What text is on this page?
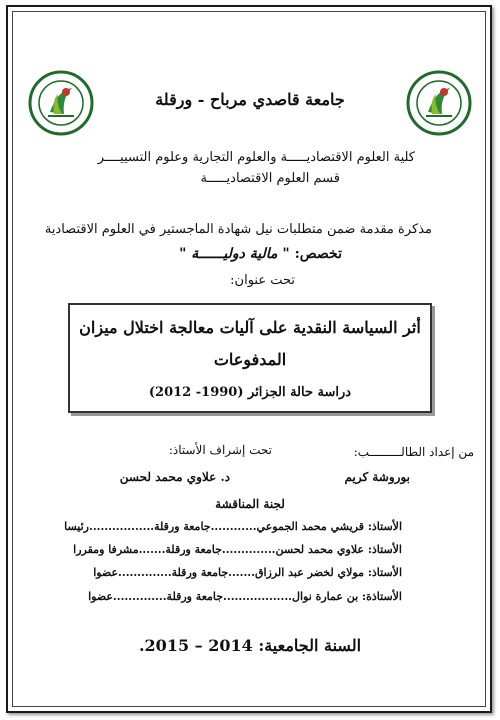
جامعة قاصدي مرباح - ورقلة
كلية العلوم الاقتصاديـــــة والعلوم التجارية وعلوم التسييــــر
قسم العلوم الاقتصاديـــــة
مذكرة مقدمة ضمن متطلبات نيل شهادة الماجستير في العلوم الاقتصادية
تخصص: " مالية دوليــــــة "
تحت عنوان:
أثر السياسة النقدية على آليات معالجة اختلال ميزان
المدفوعات
دراسة حالة الجزائر (1990- 2012)
من إعداد الطالـــــــــب:
تحت إشراف الأستاذ:
بوروشة كريم
د. علاوي محمد لحسن
لجنة المناقشة
الأستاذ: قريشي محمد الجموعي............جامعة ورقلة.................رئيسا
الأستاذ: علاوي محمد لحسن..............جامعة ورقلة.......مشرفا ومقررا
الأستاذ: مولاي لخضر عبد الرزاق.......جامعة ورقلة..............عضوا
الأستاذة: بن عمارة نوال..................جامعة ورقلة..............عضوا
السنة الجامعية: 2014 – 2015.
